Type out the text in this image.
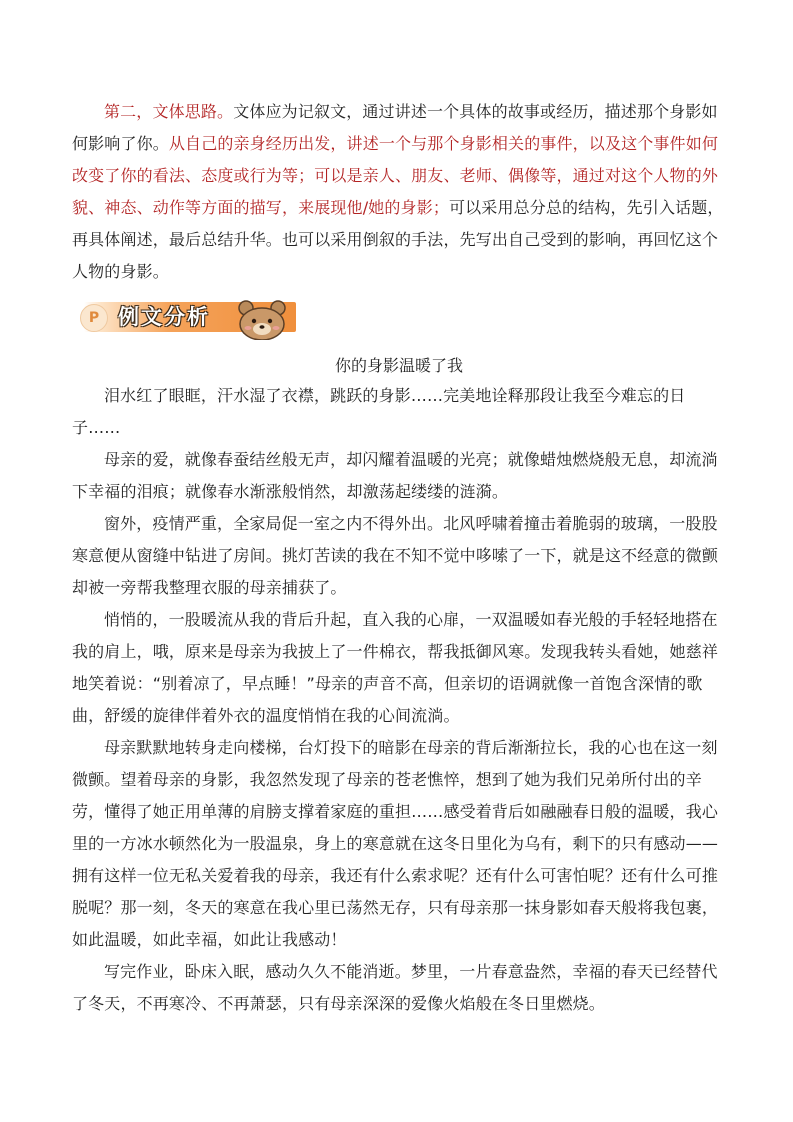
第二，文体思路。文体应为记叙文，通过讲述一个具体的故事或经历，描述那个身影如何影响了你。从自己的亲身经历出发，讲述一个与那个身影相关的事件，以及这个事件如何改变了你的看法、态度或行为等；可以是亲人、朋友、老师、偶像等，通过对这个人物的外貌、神态、动作等方面的描写，来展现他/她的身影；可以采用总分总的结构，先引入话题，再具体阐述，最后总结升华。也可以采用倒叙的手法，先写出自己受到的影响，再回忆这个人物的身影。

P 例文分析
你的身影温暖了我

泪水红了眼眶，汗水湿了衣襟，跳跃的身影……完美地诠释那段让我至今难忘的日子……

母亲的爱，就像春蚕结丝般无声，却闪耀着温暖的光亮；就像蜡烛燃烧般无息，却流淌下幸福的泪痕；就像春水渐涨般悄然，却激荡起缕缕的涟漪。

窗外，疫情严重，全家局促一室之内不得外出。北风呼啸着撞击着脆弱的玻璃，一股股寒意便从窗缝中钻进了房间。挑灯苦读的我在不知不觉中哆嗦了一下，就是这不经意的微颤却被一旁帮我整理衣服的母亲捕获了。

悄悄的，一股暖流从我的背后升起，直入我的心扉，一双温暖如春光般的手轻轻地搭在我的肩上，哦，原来是母亲为我披上了一件棉衣，帮我抵御风寒。发现我转头看她，她慈祥地笑着说：“别着凉了，早点睡！”母亲的声音不高，但亲切的语调就像一首饱含深情的歌曲，舒缓的旋律伴着外衣的温度悄悄在我的心间流淌。

母亲默默地转身走向楼梯，台灯投下的暗影在母亲的背后渐渐拉长，我的心也在这一刻微颤。望着母亲的身影，我忽然发现了母亲的苍老憔悴，想到了她为我们兄弟所付出的辛劳，懂得了她正用单薄的肩膀支撑着家庭的重担……感受着背后如融融春日般的温暖，我心里的一方冰水顿然化为一股温泉，身上的寒意就在这冬日里化为乌有，剩下的只有感动——拥有这样一位无私关爱着我的母亲，我还有什么索求呢？还有什么可害怕呢？还有什么可推脱呢？那一刻，冬天的寒意在我心里已荡然无存，只有母亲那一抹身影如春天般将我包裹，如此温暖，如此幸福，如此让我感动！

写完作业，卧床入眠，感动久久不能消逝。梦里，一片春意盎然，幸福的春天已经替代了冬天，不再寒冷、不再萧瑟，只有母亲深深的爱像火焰般在冬日里燃烧。
